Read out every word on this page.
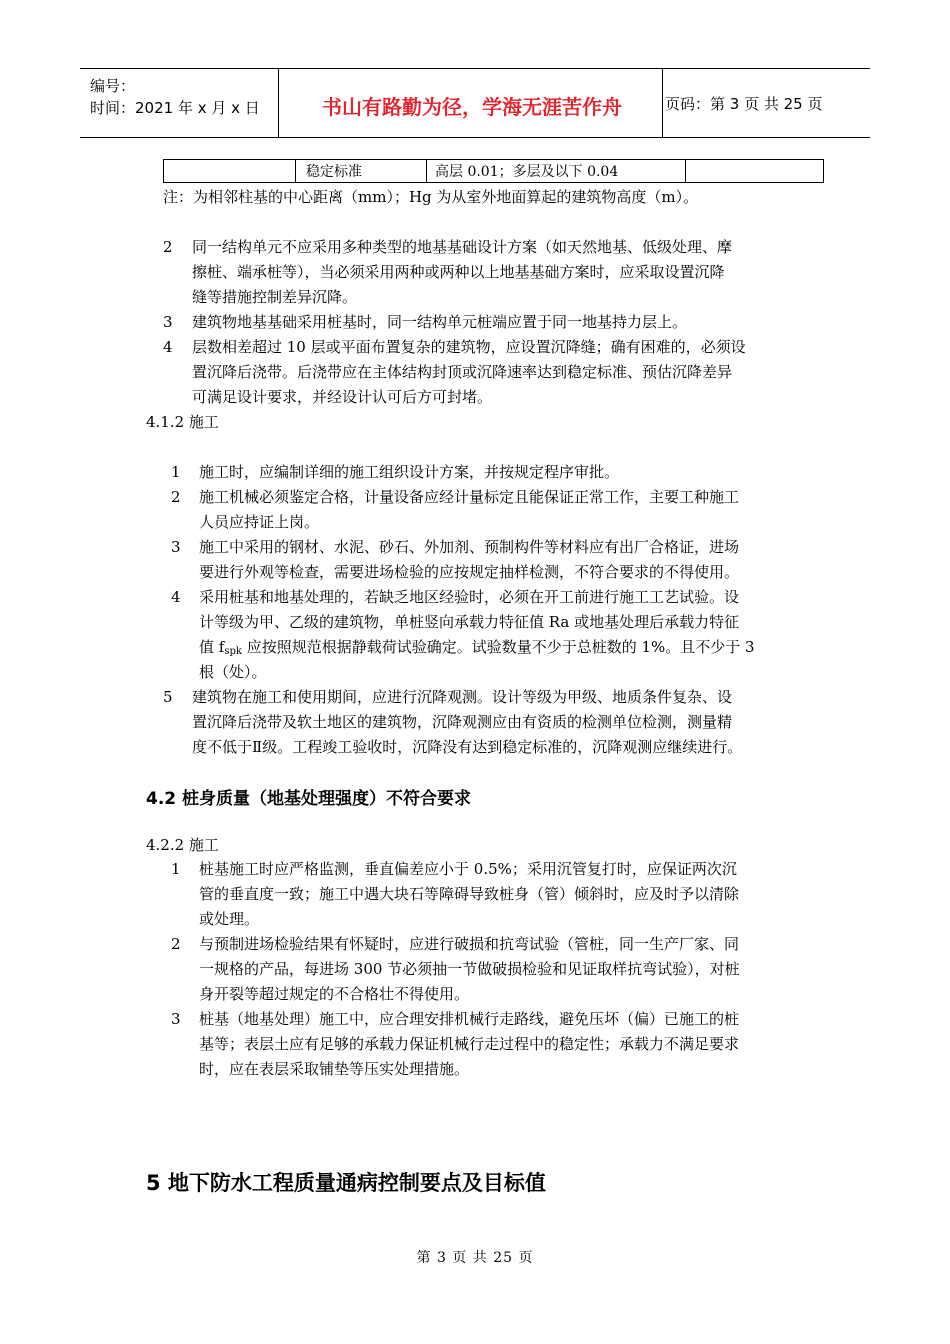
编号：
时间：2021 年 x 月 x 日	书山有路勤为径，学海无涯苦作舟	页码：第 3 页 共 25 页
稳定标准	高层 0.01；多层及以下 0.04
注：为相邻柱基的中心距离（mm）；Hg 为从室外地面算起的建筑物高度（m）。
2 同一结构单元不应采用多种类型的地基基础设计方案（如天然地基、低级处理、摩
擦桩、端承桩等），当必须采用两种或两种以上地基基础方案时，应采取设置沉降
缝等措施控制差异沉降。
3 建筑物地基基础采用桩基时，同一结构单元桩端应置于同一地基持力层上。
4 层数相差超过 10 层或平面布置复杂的建筑物，应设置沉降缝；确有困难的，必须设
置沉降后浇带。后浇带应在主体结构封顶或沉降速率达到稳定标准、预估沉降差异
可满足设计要求，并经设计认可后方可封堵。
4.1.2 施工
1 施工时，应编制详细的施工组织设计方案，并按规定程序审批。
2 施工机械必须鉴定合格，计量设备应经计量标定且能保证正常工作，主要工种施工
人员应持证上岗。
3 施工中采用的钢材、水泥、砂石、外加剂、预制构件等材料应有出厂合格证，进场
要进行外观等检查，需要进场检验的应按规定抽样检测，不符合要求的不得使用。
4 采用桩基和地基处理的，若缺乏地区经验时，必须在开工前进行施工工艺试验。设
计等级为甲、乙级的建筑物，单桩竖向承载力特征值 Ra 或地基处理后承载力特征
值 $f_{spk}$ 应按照规范根据静载荷试验确定。试验数量不少于总桩数的 1%。且不少于 3
根（处）。
5 建筑物在施工和使用期间，应进行沉降观测。设计等级为甲级、地质条件复杂、设
置沉降后浇带及软土地区的建筑物，沉降观测应由有资质的检测单位检测，测量精
度不低于Ⅱ级。工程竣工验收时，沉降没有达到稳定标准的，沉降观测应继续进行。
4.2 桩身质量（地基处理强度）不符合要求
4.2.2 施工
1 桩基施工时应严格监测，垂直偏差应小于 0.5%；采用沉管复打时，应保证两次沉
管的垂直度一致；施工中遇大块石等障碍导致桩身（管）倾斜时，应及时予以清除
或处理。
2 与预制进场检验结果有怀疑时，应进行破损和抗弯试验（管桩，同一生产厂家、同
一规格的产品，每进场 300 节必须抽一节做破损检验和见证取样抗弯试验），对桩
身开裂等超过规定的不合格壮不得使用。
3 桩基（地基处理）施工中，应合理安排机械行走路线，避免压坏（偏）已施工的桩
基等；表层土应有足够的承载力保证机械行走过程中的稳定性；承载力不满足要求
时，应在表层采取铺垫等压实处理措施。
5 地下防水工程质量通病控制要点及目标值
第 3 页 共 25 页
